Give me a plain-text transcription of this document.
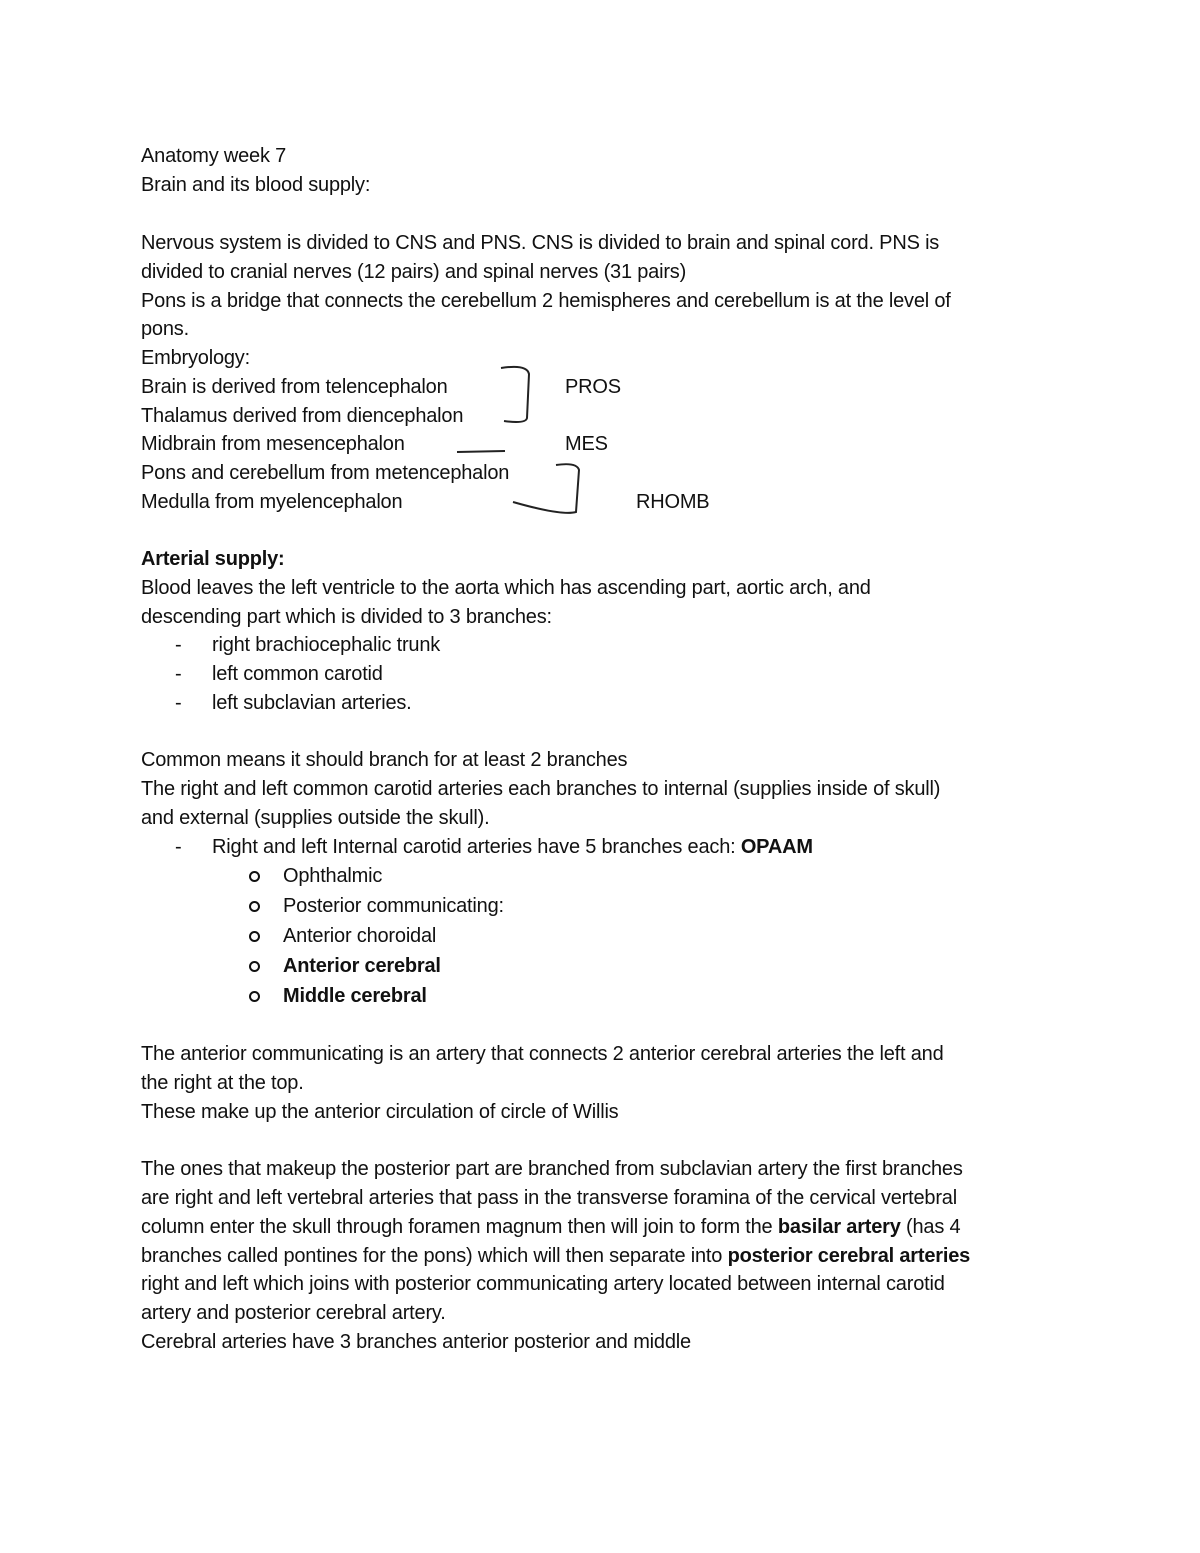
Anatomy week 7
Brain and its blood supply:
Nervous system is divided to CNS and PNS. CNS is divided to brain and spinal cord. PNS is
divided to cranial nerves (12 pairs) and spinal nerves (31 pairs)
Pons is a bridge that connects the cerebellum 2 hemispheres and cerebellum is at the level of
pons.
Embryology:
Brain is derived from telencephalon
Thalamus derived from diencephalon
Midbrain from mesencephalon
Pons and cerebellum from metencephalon
Medulla from myelencephalon
PROS
MES
RHOMB
Arterial supply:
Blood leaves the left ventricle to the aorta which has ascending part, aortic arch, and
descending part which is divided to 3 branches:
- right brachiocephalic trunk
- left common carotid
- left subclavian arteries.
Common means it should branch for at least 2 branches
The right and left common carotid arteries each branches to internal (supplies inside of skull)
and external (supplies outside the skull).
- Right and left Internal carotid arteries have 5 branches each: OPAAM
Ophthalmic
Posterior communicating:
Anterior choroidal
Anterior cerebral
Middle cerebral
The anterior communicating is an artery that connects 2 anterior cerebral arteries the left and
the right at the top.
These make up the anterior circulation of circle of Willis
The ones that makeup the posterior part are branched from subclavian artery the first branches
are right and left vertebral arteries that pass in the transverse foramina of the cervical vertebral
column enter the skull through foramen magnum then will join to form the basilar artery (has 4
branches called pontines for the pons) which will then separate into posterior cerebral arteries
right and left which joins with posterior communicating artery located between internal carotid
artery and posterior cerebral artery.
Cerebral arteries have 3 branches anterior posterior and middle
